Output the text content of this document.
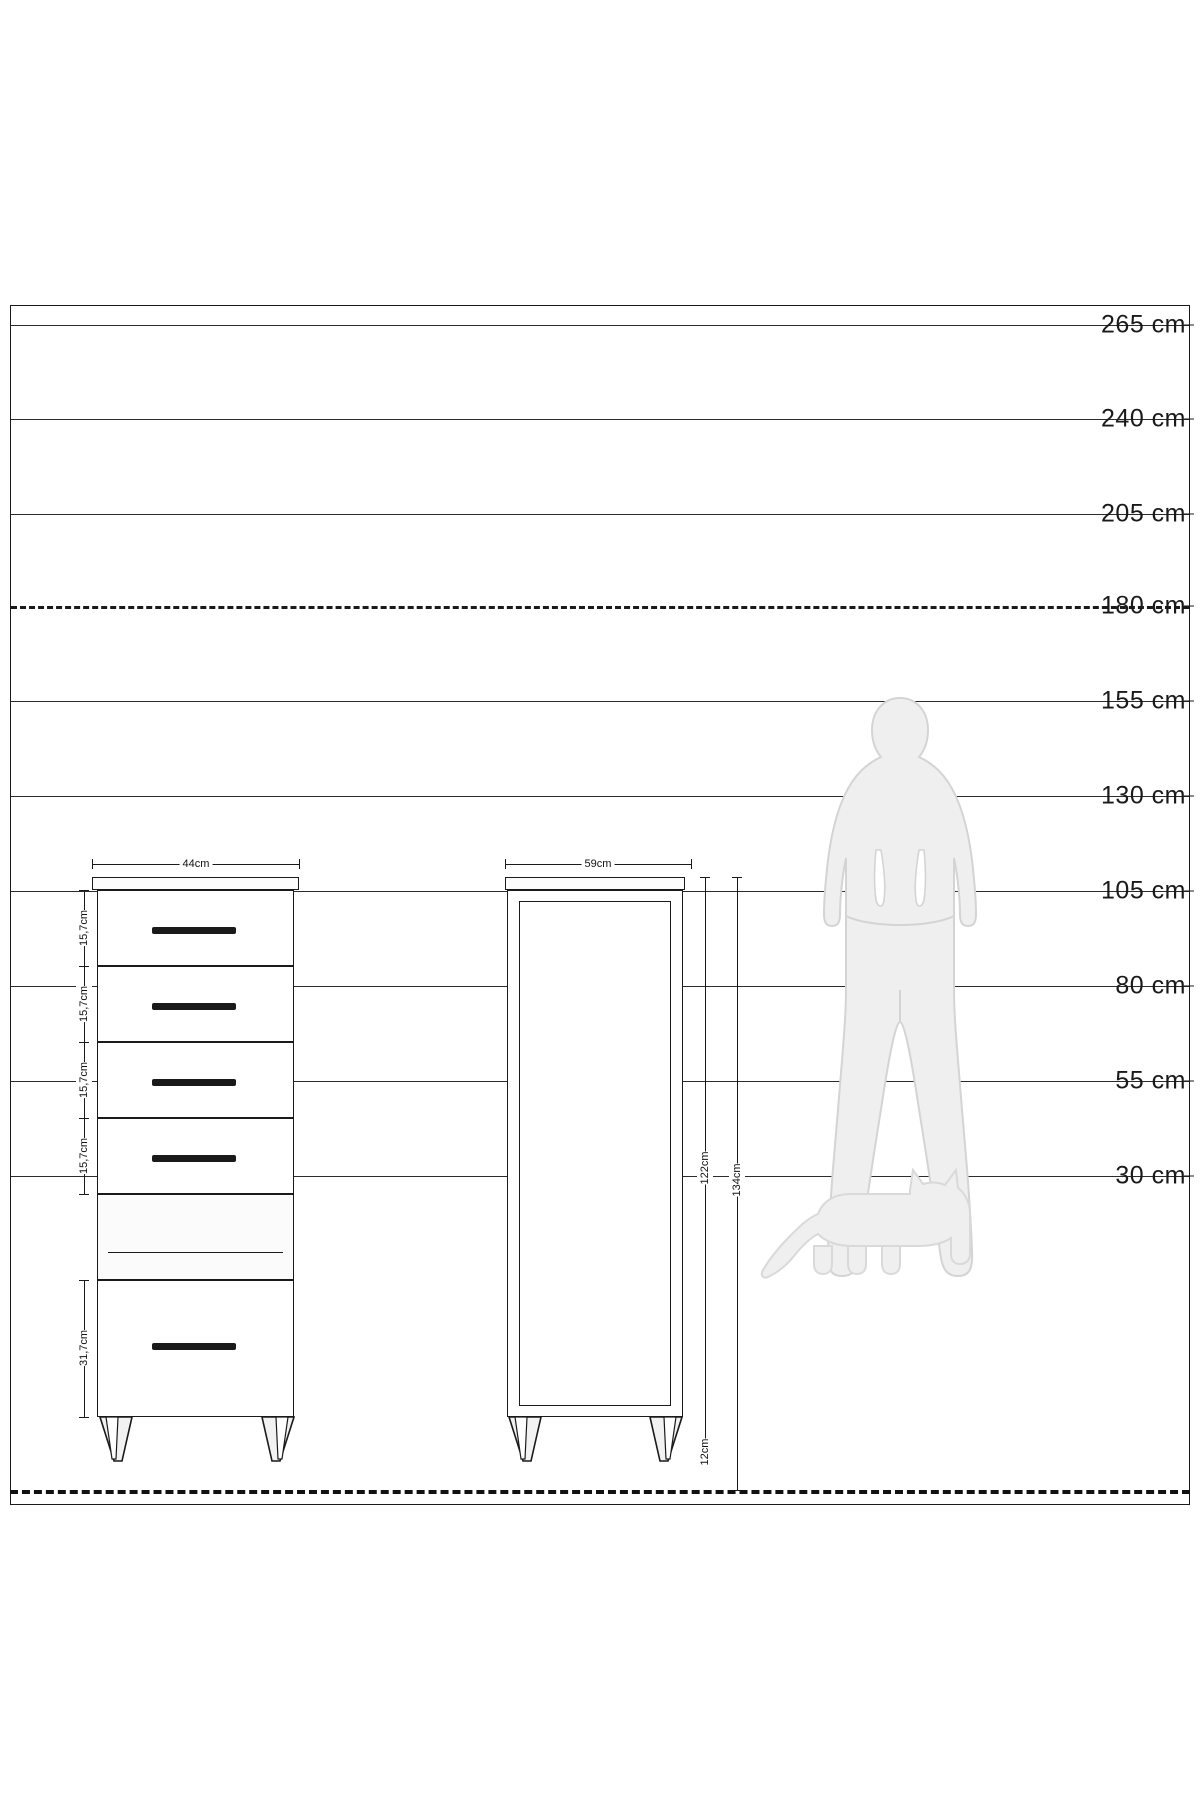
265 cm
240 cm
205 cm
180 cm
155 cm
130 cm
105 cm
80 cm
55 cm
30 cm
44cm
15,7cm
15,7cm
15,7cm
15,7cm
31,7cm
59cm
122cm 134cm
12cm
